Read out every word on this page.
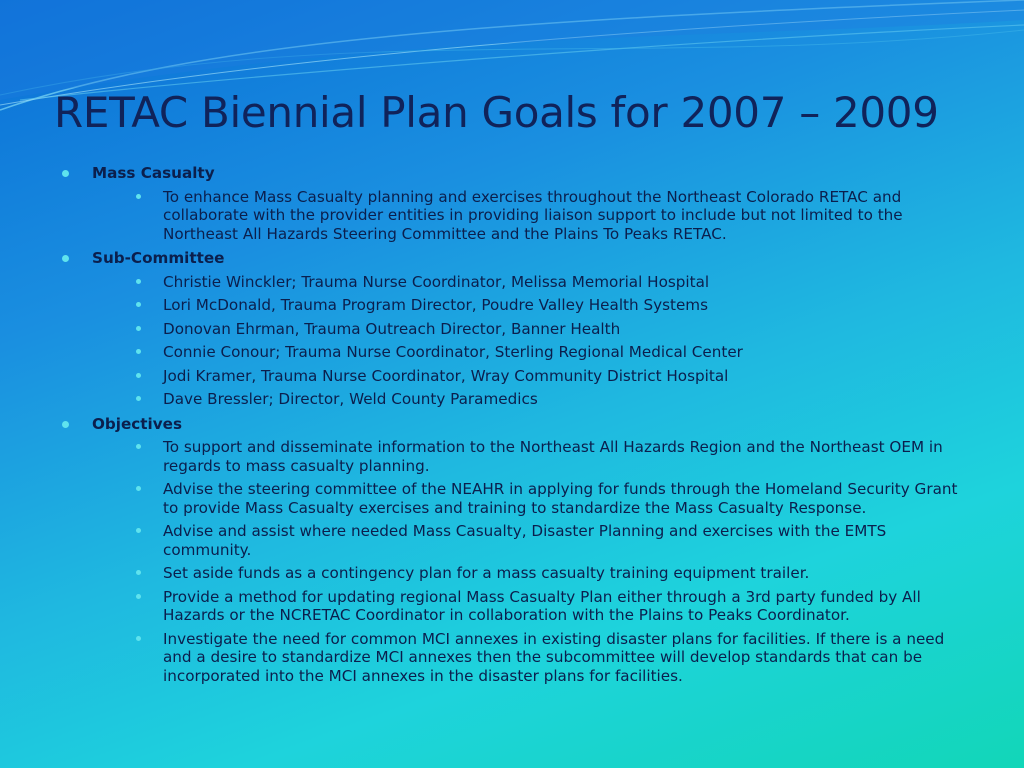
RETAC Biennial Plan Goals for 2007 – 2009
Mass Casualty
To enhance Mass Casualty planning and exercises throughout the Northeast Colorado RETAC and collaborate with the provider entities in providing liaison support to include but not limited to the Northeast All Hazards Steering Committee and the Plains To Peaks RETAC.
Sub-Committee
Christie Winckler; Trauma Nurse Coordinator, Melissa Memorial Hospital
Lori McDonald, Trauma Program Director, Poudre Valley Health Systems
Donovan Ehrman, Trauma Outreach Director, Banner Health
Connie Conour; Trauma Nurse Coordinator, Sterling Regional Medical Center
Jodi Kramer, Trauma Nurse Coordinator, Wray Community District Hospital
Dave Bressler; Director, Weld County Paramedics
Objectives
To support and disseminate information to the Northeast All Hazards Region and the Northeast OEM in regards to mass casualty planning.
Advise the steering committee of the NEAHR in applying for funds through the Homeland Security Grant to provide Mass Casualty exercises and training to standardize the Mass Casualty Response.
Advise and assist where needed Mass Casualty, Disaster Planning and exercises with the EMTS community.
Set aside funds as a contingency plan for a mass casualty training equipment trailer.
Provide a method for updating regional Mass Casualty Plan either through a 3rd party funded by All Hazards or the NCRETAC Coordinator in collaboration with the Plains to Peaks Coordinator.
Investigate the need for common MCI annexes in existing disaster plans for facilities. If there is a need and a desire to standardize MCI annexes then the subcommittee will develop standards that can be incorporated into the MCI annexes in the disaster plans for facilities.
